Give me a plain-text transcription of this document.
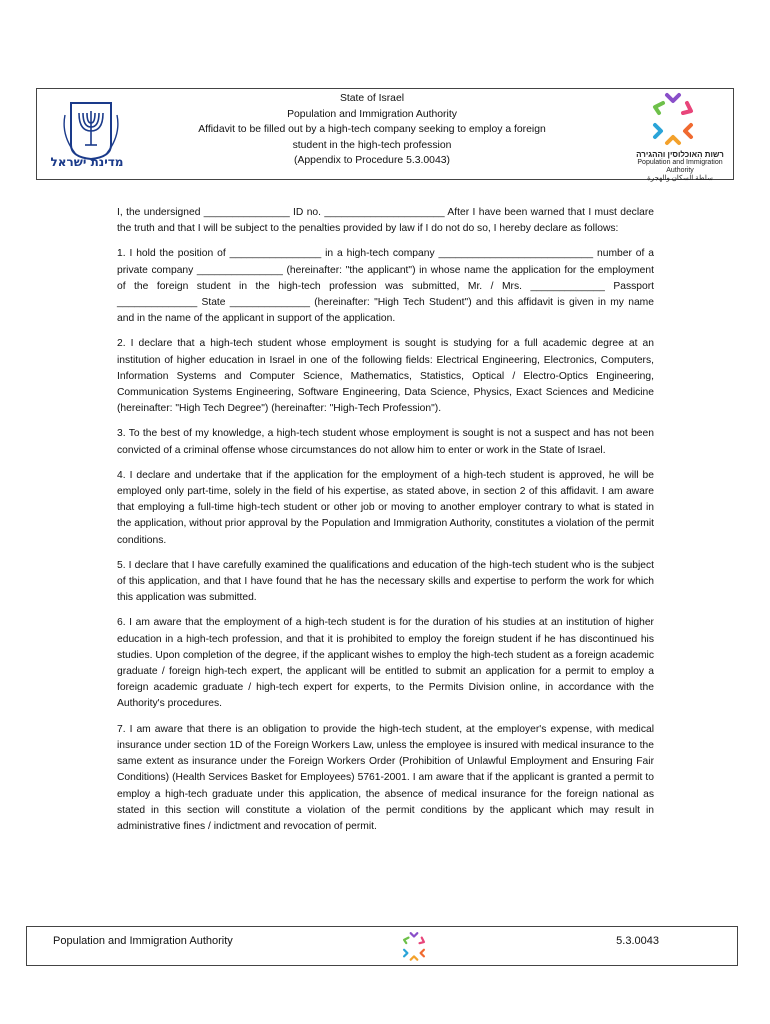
מדינת ישראל
State of Israel
Population and Immigration Authority
Affidavit to be filled out by a high-tech company seeking to employ a foreign
student in the high-tech profession
(Appendix to Procedure 5.3.0043)
רשות האוכלוסין וההגירה
Population and Immigration Authority
سلطة السكان والهجرة

I, the undersigned _______________ ID no. _____________________ After I have been warned that I must declare the truth and that I will be subject to the penalties provided by law if I do not do so, I hereby declare as follows:

1. I hold the position of ________________ in a high-tech company ___________________________ number of a private company _______________ (hereinafter: "the applicant") in whose name the application for the employment of the foreign student in the high-tech profession was submitted, Mr. / Mrs. _____________ Passport ______________ State ______________ (hereinafter: "High Tech Student") and this affidavit is given in my name and in the name of the applicant in support of the application.

2. I declare that a high-tech student whose employment is sought is studying for a full academic degree at an institution of higher education in Israel in one of the following fields: Electrical Engineering, Electronics, Computers, Information Systems and Computer Science, Mathematics, Statistics, Optical / Electro-Optics Engineering, Communication Systems Engineering, Software Engineering, Data Science, Physics, Exact Sciences and Medicine (hereinafter: "High Tech Degree") (hereinafter: "High-Tech Profession").

3. To the best of my knowledge, a high-tech student whose employment is sought is not a suspect and has not been convicted of a criminal offense whose circumstances do not allow him to enter or work in the State of Israel.

4. I declare and undertake that if the application for the employment of a high-tech student is approved, he will be employed only part-time, solely in the field of his expertise, as stated above, in section 2 of this affidavit. I am aware that employing a full-time high-tech student or other job or moving to another employer contrary to what is stated in the application, without prior approval by the Population and Immigration Authority, constitutes a violation of the permit conditions.

5. I declare that I have carefully examined the qualifications and education of the high-tech student who is the subject of this application, and that I have found that he has the necessary skills and expertise to perform the work for which this application was submitted.

6. I am aware that the employment of a high-tech student is for the duration of his studies at an institution of higher education in a high-tech profession, and that it is prohibited to employ the foreign student if he has discontinued his studies. Upon completion of the degree, if the applicant wishes to employ the high-tech student as a foreign academic graduate / foreign high-tech expert, the applicant will be entitled to submit an application for a permit to employ a foreign academic graduate / high-tech expert for experts, to the Permits Division online, in accordance with the Authority's procedures.

7. I am aware that there is an obligation to provide the high-tech student, at the employer's expense, with medical insurance under section 1D of the Foreign Workers Law, unless the employee is insured with medical insurance to the same extent as insurance under the Foreign Workers Order (Prohibition of Unlawful Employment and Ensuring Fair Conditions) (Health Services Basket for Employees) 5761-2001. I am aware that if the applicant is granted a permit to employ a high-tech graduate under this application, the absence of medical insurance for the foreign national as stated in this section will constitute a violation of the permit conditions by the applicant which may result in administrative fines / indictment and revocation of permit.

Population and Immigration Authority	5.3.0043
